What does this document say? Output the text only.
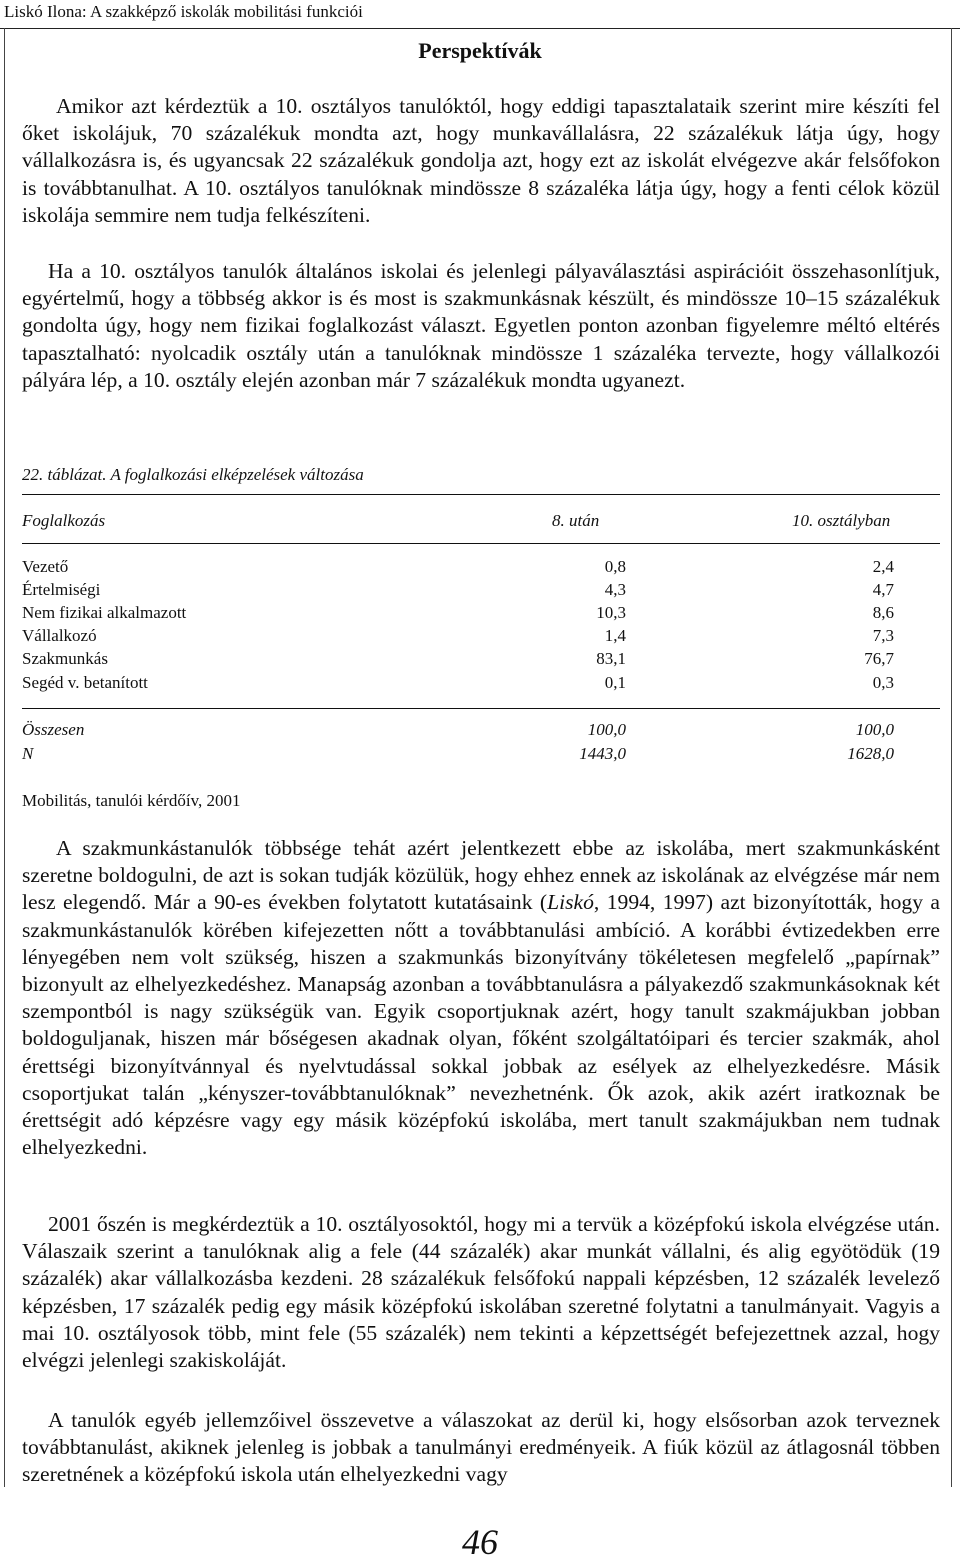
Liskó Ilona: A szakképző iskolák mobilitási funkciói
Perspektívák

Amikor azt kérdeztük a 10. osztályos tanulóktól, hogy eddigi tapasztalataik szerint mire készíti fel őket iskolájuk, 70 százalékuk mondta azt, hogy munkavállalásra, 22 százalékuk látja úgy, hogy vállalkozásra is, és ugyancsak 22 százalékuk gondolja azt, hogy ezt az iskolát elvégezve akár felsőfokon is továbbtanulhat. A 10. osztályos tanulóknak mindössze 8 százaléka látja úgy, hogy a fenti célok közül iskolája semmire nem tudja felkészíteni.

Ha a 10. osztályos tanulók általános iskolai és jelenlegi pályaválasztási aspirációit összehasonlítjuk, egyértelmű, hogy a többség akkor is és most is szakmunkásnak készült, és mindössze 10–15 százalékuk gondolta úgy, hogy nem fizikai foglalkozást választ. Egyetlen ponton azonban figyelemre méltó eltérés tapasztalható: nyolcadik osztály után a tanulóknak mindössze 1 százaléka tervezte, hogy vállalkozói pályára lép, a 10. osztály elején azonban már 7 százalékuk mondta ugyanezt.

22. táblázat. A foglalkozási elképzelések változása
Foglalkozás	8. után	10. osztályban
Vezető	0,8	2,4
Értelmiségi	4,3	4,7
Nem fizikai alkalmazott	10,3	8,6
Vállalkozó	1,4	7,3
Szakmunkás	83,1	76,7
Segéd v. betanított	0,1	0,3
Összesen	100,0	100,0
N	1443,0	1628,0
Mobilitás, tanulói kérdőív, 2001

A szakmunkástanulók többsége tehát azért jelentkezett ebbe az iskolába, mert szakmunkásként szeretne boldogulni, de azt is sokan tudják közülük, hogy ehhez ennek az iskolának az elvégzése már nem lesz elegendő. Már a 90-es években folytatott kutatásaink (Liskó, 1994, 1997) azt bizonyították, hogy a szakmunkástanulók körében kifejezetten nőtt a továbbtanulási ambíció. A korábbi évtizedekben erre lényegében nem volt szükség, hiszen a szakmunkás bizonyítvány tökéletesen megfelelő „papírnak” bizonyult az elhelyezkedéshez. Manapság azonban a továbbtanulásra a pályakezdő szakmunkásoknak két szempontból is nagy szükségük van. Egyik csoportjuknak azért, hogy tanult szakmájukban jobban boldoguljanak, hiszen már bőségesen akadnak olyan, főként szolgáltatóipari és tercier szakmák, ahol érettségi bizonyítvánnyal és nyelvtudással sokkal jobbak az esélyek az elhelyezkedésre. Másik csoportjukat talán „kényszer-továbbtanulóknak” nevezhetnénk. Ők azok, akik azért iratkoznak be érettségit adó képzésre vagy egy másik középfokú iskolába, mert tanult szakmájukban nem tudnak elhelyezkedni.

2001 őszén is megkérdeztük a 10. osztályosoktól, hogy mi a tervük a középfokú iskola elvégzése után. Válaszaik szerint a tanulóknak alig a fele (44 százalék) akar munkát vállalni, és alig egyötödük (19 százalék) akar vállalkozásba kezdeni. 28 százalékuk felsőfokú nappali képzésben, 12 százalék levelező képzésben, 17 százalék pedig egy másik középfokú iskolában szeretné folytatni a tanulmányait. Vagyis a mai 10. osztályosok több, mint fele (55 százalék) nem tekinti a képzettségét befejezettnek azzal, hogy elvégzi jelenlegi szakiskoláját.

A tanulók egyéb jellemzőivel összevetve a válaszokat az derül ki, hogy elsősorban azok terveznek továbbtanulást, akiknek jelenleg is jobbak a tanulmányi eredményeik. A fiúk közül az átlagosnál többen szeretnének a középfokú iskola után elhelyezkedni vagy

46
